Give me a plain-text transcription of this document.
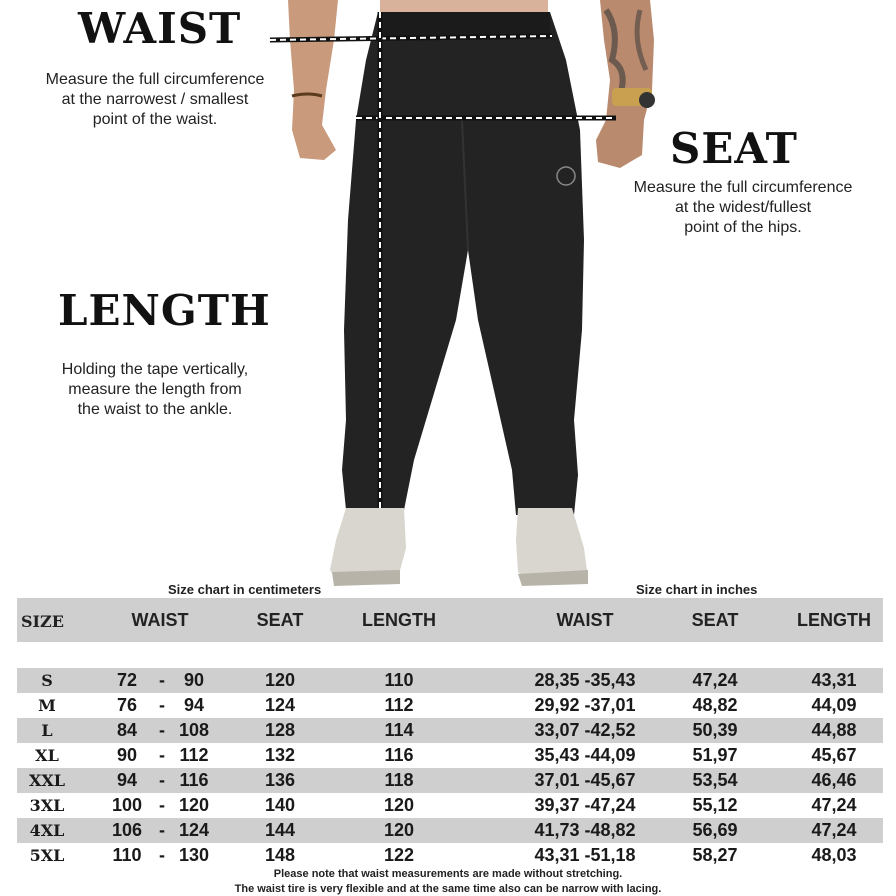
WAIST
Measure the full circumference
at the narrowest / smallest
point of the waist.
SEAT
Measure the full circumference
at the widest/fullest
point of the hips.
LENGTH
Holding the tape vertically,
measure the length from
the waist to the ankle.
Size chart in centimeters	Size chart in inches
SIZE	WAIST	SEAT	LENGTH	WAIST	SEAT	LENGTH
S	72 - 90	120	110	28,35 -35,43	47,24	43,31
M	76 - 94	124	112	29,92 -37,01	48,82	44,09
L	84 - 108	128	114	33,07 -42,52	50,39	44,88
XL	90 - 112	132	116	35,43 -44,09	51,97	45,67
XXL	94 - 116	136	118	37,01 -45,67	53,54	46,46
3XL	100 - 120	140	120	39,37 -47,24	55,12	47,24
4XL	106 - 124	144	120	41,73 -48,82	56,69	47,24
5XL	110 - 130	148	122	43,31 -51,18	58,27	48,03
Please note that waist measurements are made without stretching.
The waist tire is very flexible and at the same time also can be narrow with lacing.
